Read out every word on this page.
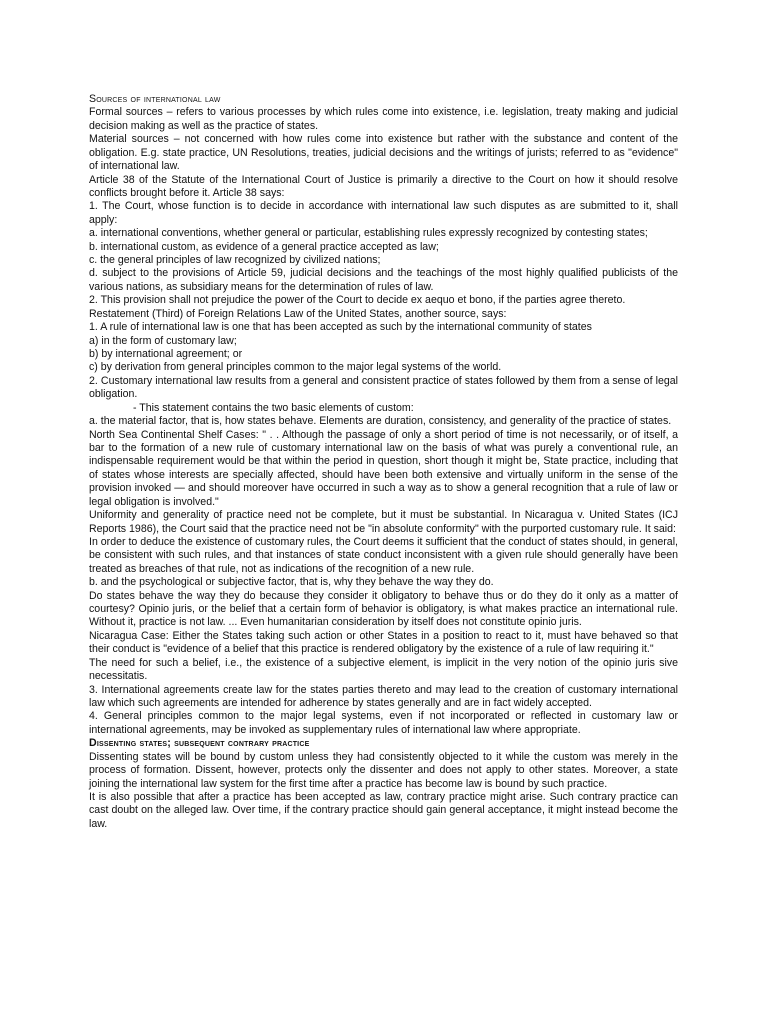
Sources of international law

Formal sources – refers to various processes by which rules come into existence, i.e. legislation, treaty making and judicial decision making as well as the practice of states.

Material sources – not concerned with how rules come into existence but rather with the substance and content of the obligation. E.g. state practice, UN Resolutions, treaties, judicial decisions and the writings of jurists; referred to as "evidence" of international law.

Article 38 of the Statute of the International Court of Justice is primarily a directive to the Court on how it should resolve conflicts brought before it. Article 38 says:

1. The Court, whose function is to decide in accordance with international law such disputes as are submitted to it, shall apply:

a. international conventions, whether general or particular, establishing rules expressly recognized by contesting states;

b. international custom, as evidence of a general practice accepted as law;

c. the general principles of law recognized by civilized nations;

d. subject to the provisions of Article 59, judicial decisions and the teachings of the most highly qualified publicists of the various nations, as subsidiary means for the determination of rules of law.

2. This provision shall not prejudice the power of the Court to decide ex aequo et bono, if the parties agree thereto.

Restatement (Third) of Foreign Relations Law of the United States, another source, says:

1. A rule of international law is one that has been accepted as such by the international community of states

a) in the form of customary law;

b) by international agreement; or

c) by derivation from general principles common to the major legal systems of the world.

2. Customary international law results from a general and consistent practice of states followed by them from a sense of legal obligation.

- This statement contains the two basic elements of custom:

a. the material factor, that is, how states behave. Elements are duration, consistency, and generality of the practice of states.

North Sea Continental Shelf Cases: " . . Although the passage of only a short period of time is not necessarily, or of itself, a bar to the formation of a new rule of customary international law on the basis of what was purely a conventional rule, an indispensable requirement would be that within the period in question, short though it might be, State practice, including that of states whose interests are specially affected, should have been both extensive and virtually uniform in the sense of the provision invoked — and should moreover have occurred in such a way as to show a general recognition that a rule of law or legal obligation is involved."

Uniformity and generality of practice need not be complete, but it must be substantial. In Nicaragua v. United States (ICJ Reports 1986), the Court said that the practice need not be "in absolute conformity" with the purported customary rule. It said:

In order to deduce the existence of customary rules, the Court deems it sufficient that the conduct of states should, in general, be consistent with such rules, and that instances of state conduct inconsistent with a given rule should generally have been treated as breaches of that rule, not as indications of the recognition of a new rule.

b. and the psychological or subjective factor, that is, why they behave the way they do.

Do states behave the way they do because they consider it obligatory to behave thus or do they do it only as a matter of courtesy? Opinio juris, or the belief that a certain form of behavior is obligatory, is what makes practice an international rule. Without it, practice is not law. ... Even humanitarian consideration by itself does not constitute opinio juris.

Nicaragua Case: Either the States taking such action or other States in a position to react to it, must have behaved so that their conduct is "evidence of a belief that this practice is rendered obligatory by the existence of a rule of law requiring it."

The need for such a belief, i.e., the existence of a subjective element, is implicit in the very notion of the opinio juris sive necessitatis.

3. International agreements create law for the states parties thereto and may lead to the creation of customary international law which such agreements are intended for adherence by states generally and are in fact widely accepted.

4. General principles common to the major legal systems, even if not incorporated or reflected in customary law or international agreements, may be invoked as supplementary rules of international law where appropriate.

Dissenting states; subsequent contrary practice

Dissenting states will be bound by custom unless they had consistently objected to it while the custom was merely in the process of formation. Dissent, however, protects only the dissenter and does not apply to other states. Moreover, a state joining the international law system for the first time after a practice has become law is bound by such practice.

It is also possible that after a practice has been accepted as law, contrary practice might arise. Such contrary practice can cast doubt on the alleged law. Over time, if the contrary practice should gain general acceptance, it might instead become the law.
